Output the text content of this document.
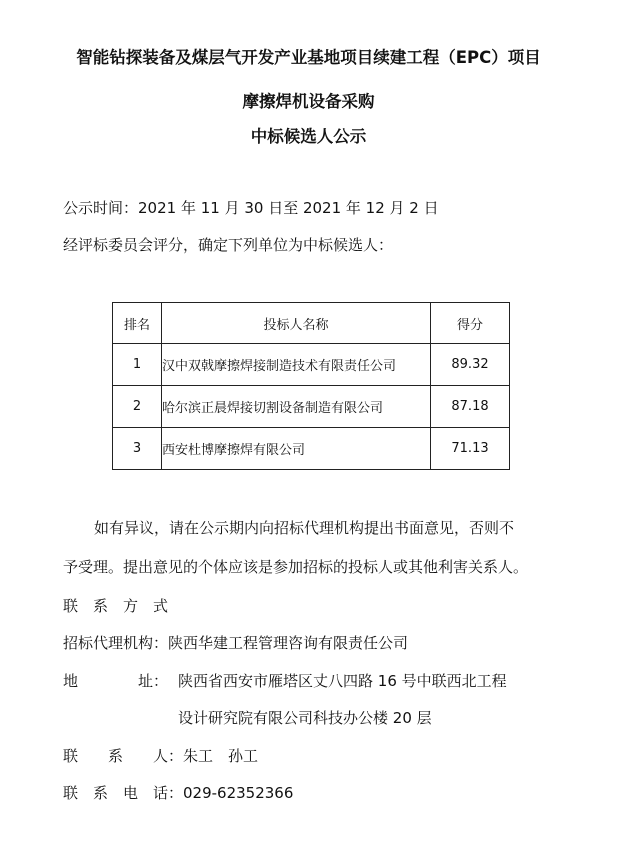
智能钻探装备及煤层气开发产业基地项目续建工程（EPC）项目
摩擦焊机设备采购
中标候选人公示
公示时间：2021 年 11 月 30 日至 2021 年 12 月 2 日
经评标委员会评分，确定下列单位为中标候选人：
排名	投标人名称	得分
1	汉中双戟摩擦焊接制造技术有限责任公司	89.32
2	哈尔滨正晨焊接切割设备制造有限公司	87.18
3	西安杜博摩擦焊有限公司	71.13
如有异议，请在公示期内向招标代理机构提出书面意见，否则不
予受理。提出意见的个体应该是参加招标的投标人或其他利害关系人。
联　系　方　式
招标代理机构：陕西华建工程管理咨询有限责任公司
地　　　　址： 陕西省西安市雁塔区丈八四路 16 号中联西北工程
设计研究院有限公司科技办公楼 20 层
联　　系　　人：朱工　孙工
联　系　电　话：029-62352366
